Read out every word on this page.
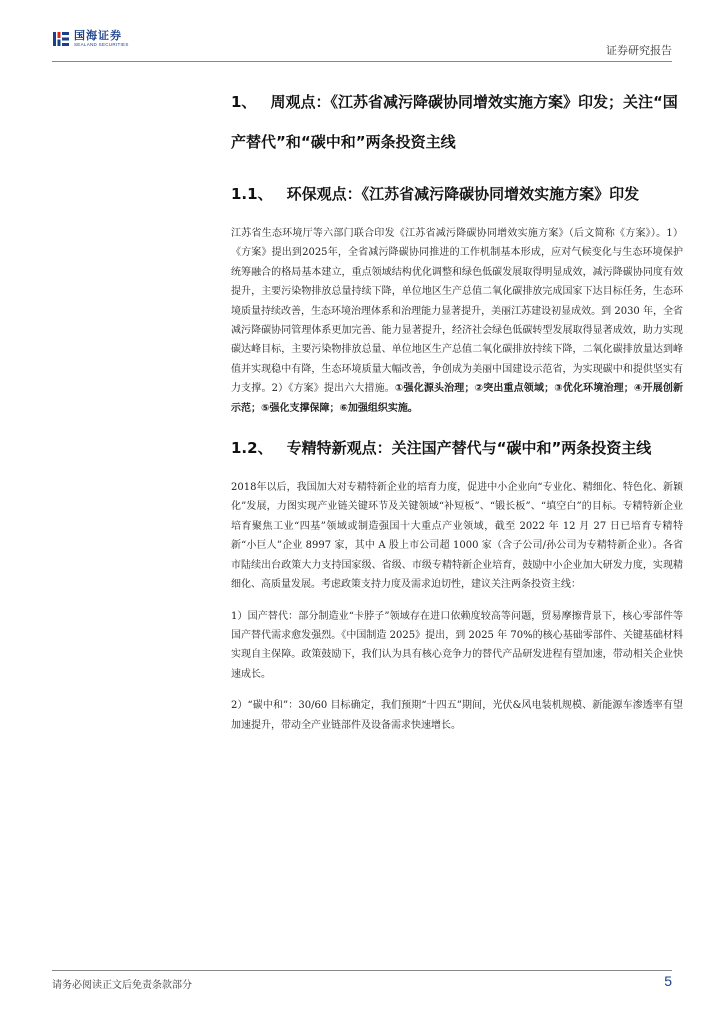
国海证券
SEALAND SECURITIES	证券研究报告
1、 周观点：《江苏省减污降碳协同增效实施方案》印发；关注“国产替代”和“碳中和”两条投资主线
1.1、 环保观点：《江苏省减污降碳协同增效实施方案》印发

江苏省生态环境厅等六部门联合印发《江苏省减污降碳协同增效实施方案》（后文简称《方案》）。1）《方案》提出到2025年，全省减污降碳协同推进的工作机制基本形成，应对气候变化与生态环境保护统筹融合的格局基本建立，重点领域结构优化调整和绿色低碳发展取得明显成效，减污降碳协同度有效提升，主要污染物排放总量持续下降，单位地区生产总值二氧化碳排放完成国家下达目标任务，生态环境质量持续改善，生态环境治理体系和治理能力显著提升，美丽江苏建设初显成效。到 2030 年，全省减污降碳协同管理体系更加完善、能力显著提升，经济社会绿色低碳转型发展取得显著成效，助力实现碳达峰目标，主要污染物排放总量、单位地区生产总值二氧化碳排放持续下降，二氧化碳排放量达到峰值并实现稳中有降，生态环境质量大幅改善，争创成为美丽中国建设示范省，为实现碳中和提供坚实有力支撑。2）《方案》提出六大措施。①强化源头治理；②突出重点领域；③优化环境治理；④开展创新示范；⑤强化支撑保障；⑥加强组织实施。

1.2、 专精特新观点：关注国产替代与“碳中和”两条投资主线

2018年以后，我国加大对专精特新企业的培育力度，促进中小企业向“专业化、精细化、特色化、新颖化”发展，力图实现产业链关键环节及关键领域“补短板”、“锻长板”、“填空白”的目标。专精特新企业培育聚焦工业“四基”领域或制造强国十大重点产业领域，截至 2022 年 12 月 27 日已培育专精特新“小巨人”企业 8997 家，其中 A 股上市公司超 1000 家（含子公司/孙公司为专精特新企业）。各省市陆续出台政策大力支持国家级、省级、市级专精特新企业培育，鼓励中小企业加大研发力度，实现精细化、高质量发展。考虑政策支持力度及需求迫切性，建议关注两条投资主线：

1）国产替代：部分制造业“卡脖子”领域存在进口依赖度较高等问题，贸易摩擦背景下，核心零部件等国产替代需求愈发强烈。《中国制造 2025》提出，到 2025 年 70%的核心基础零部件、关键基础材料实现自主保障。政策鼓励下，我们认为具有核心竞争力的替代产品研发进程有望加速，带动相关企业快速成长。

2）“碳中和”：30/60 目标确定，我们预期“十四五”期间，光伏&风电装机规模、新能源车渗透率有望加速提升，带动全产业链部件及设备需求快速增长。

请务必阅读正文后免责条款部分	5
